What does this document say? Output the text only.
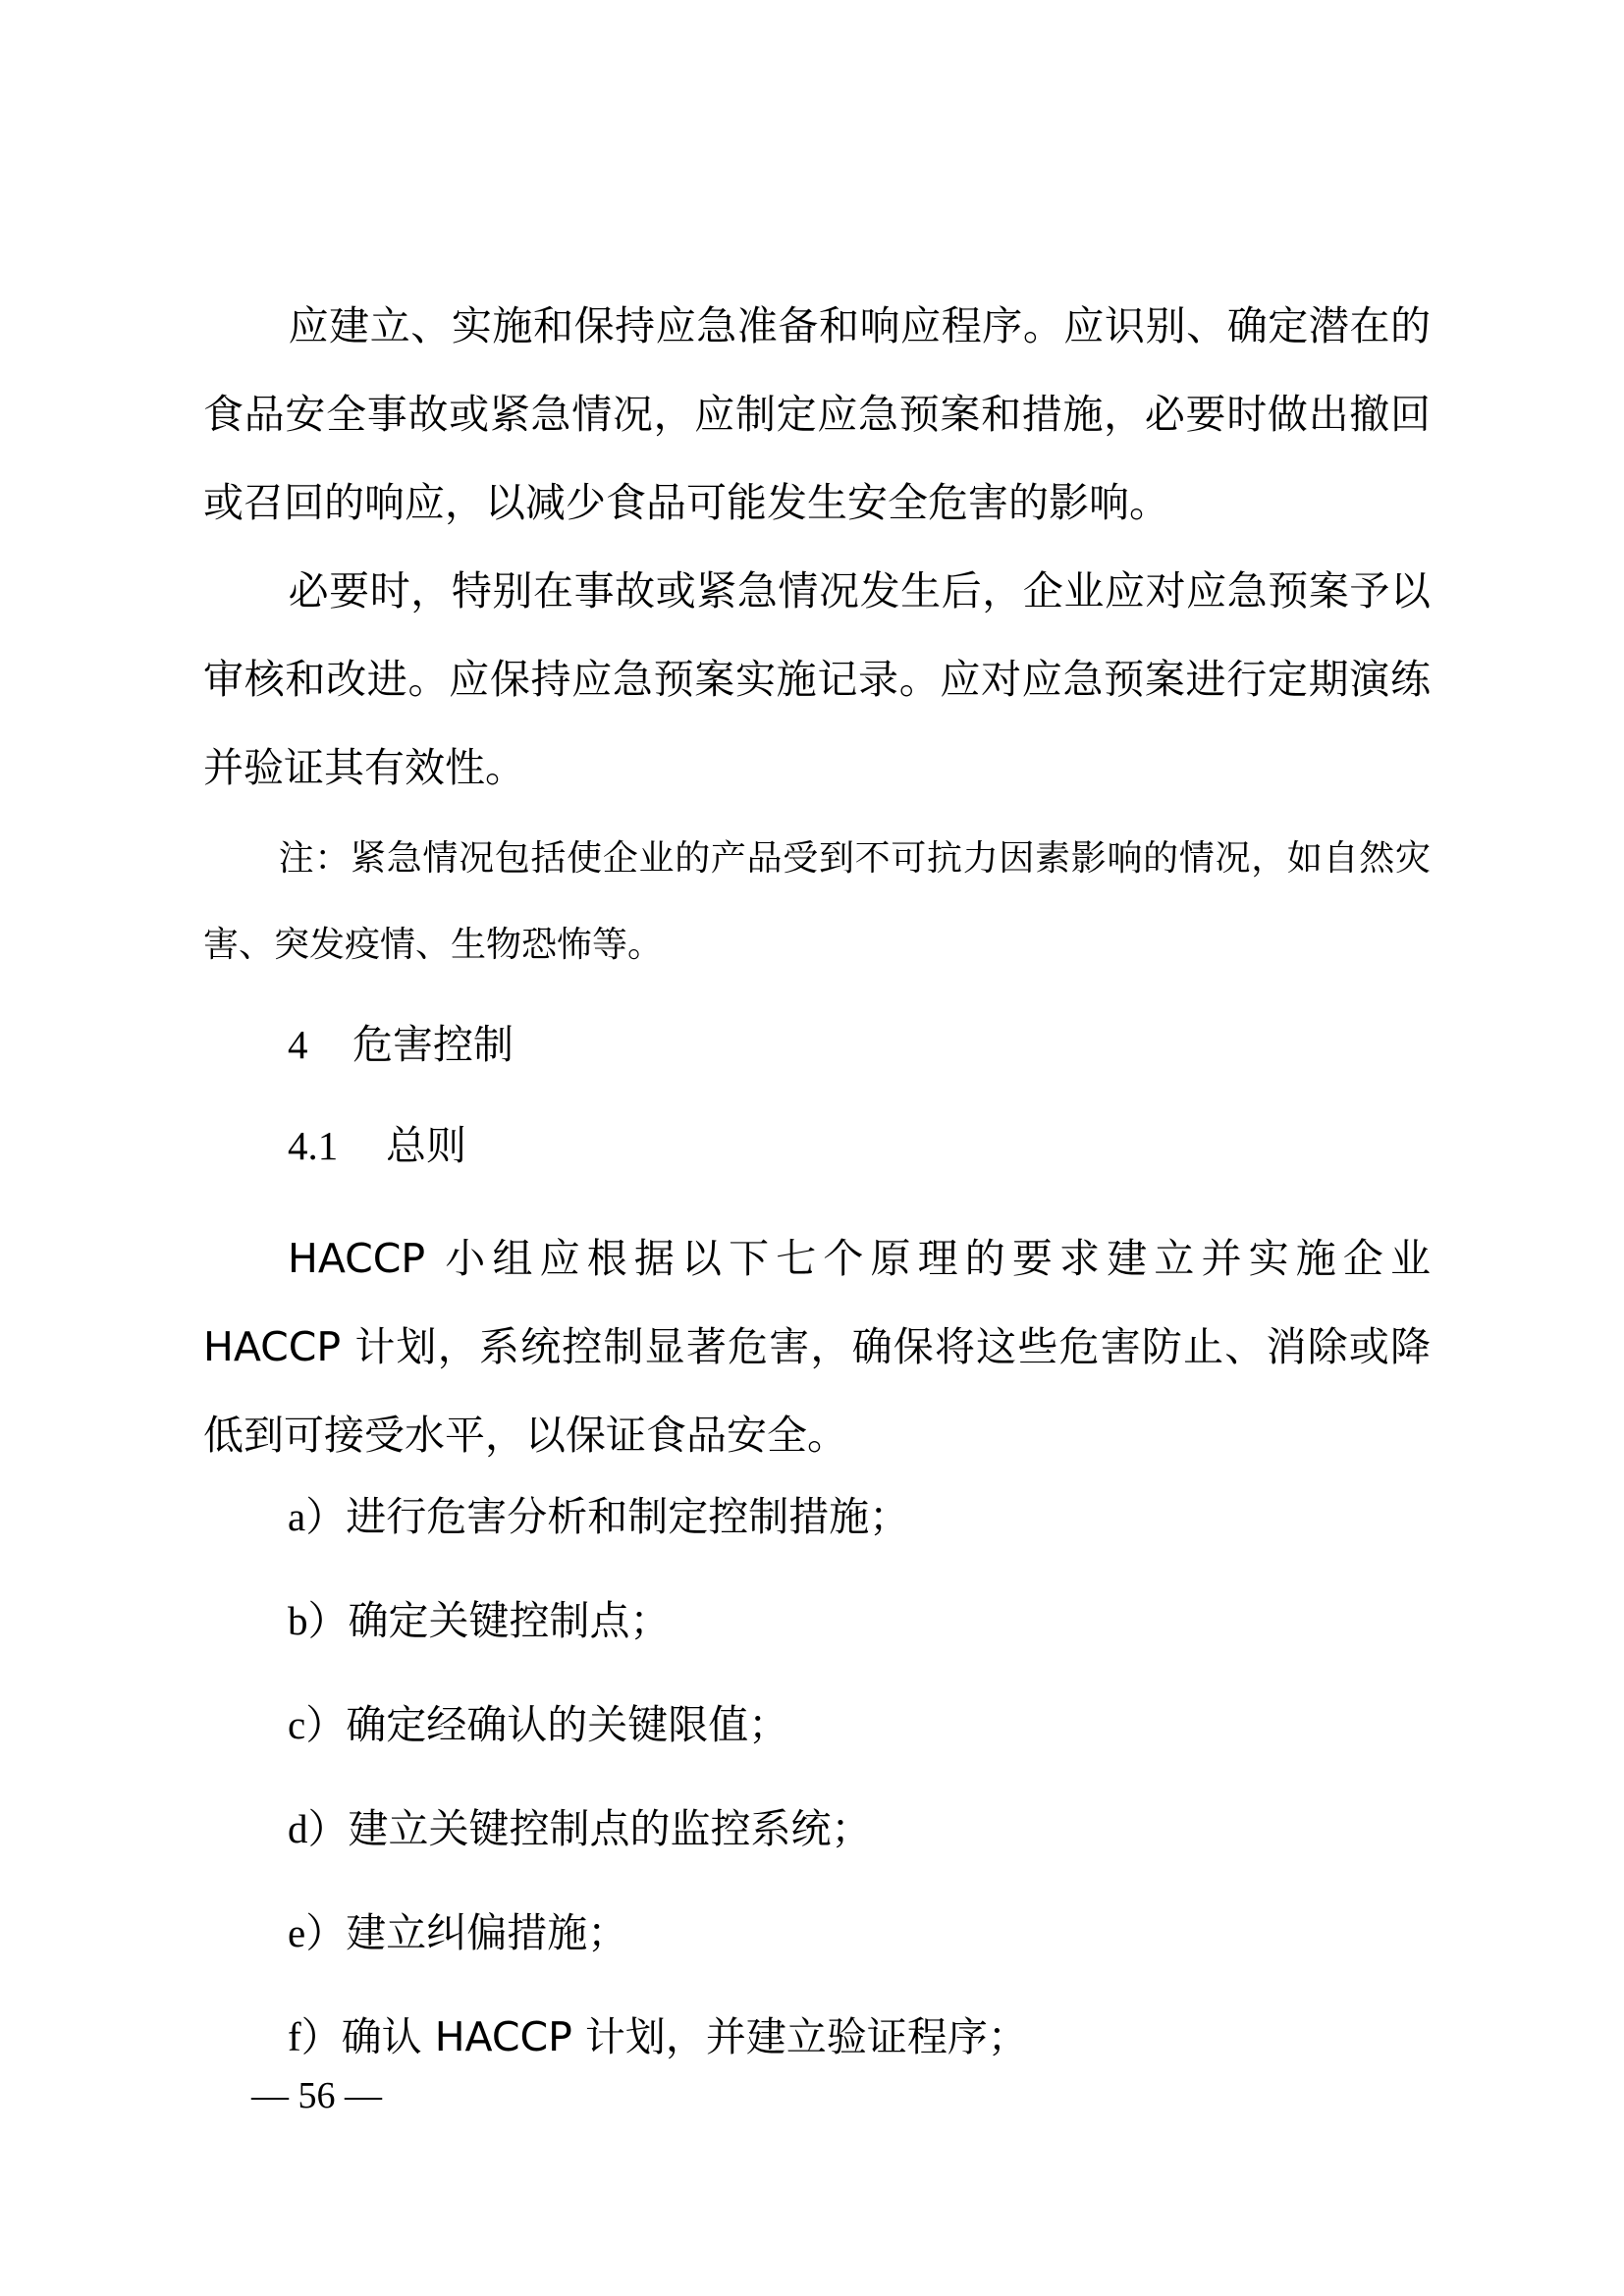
应建立、实施和保持应急准备和响应程序。应识别、确定潜在的食品安全事故或紧急情况，应制定应急预案和措施，必要时做出撤回或召回的响应，以减少食品可能发生安全危害的影响。

必要时，特别在事故或紧急情况发生后，企业应对应急预案予以审核和改进。应保持应急预案实施记录。应对应急预案进行定期演练并验证其有效性。

注：紧急情况包括使企业的产品受到不可抗力因素影响的情况，如自然灾害、突发疫情、生物恐怖等。

4 危害控制

4.1 总则

HACCP 小组应根据以下七个原理的要求建立并实施企业 HACCP 计划，系统控制显著危害，确保将这些危害防止、消除或降低到可接受水平，以保证食品安全。

a）进行危害分析和制定控制措施；

b）确定关键控制点；

c）确定经确认的关键限值；

d）建立关键控制点的监控系统；

e）建立纠偏措施；

f）确认 HACCP 计划，并建立验证程序；

— 56 —
